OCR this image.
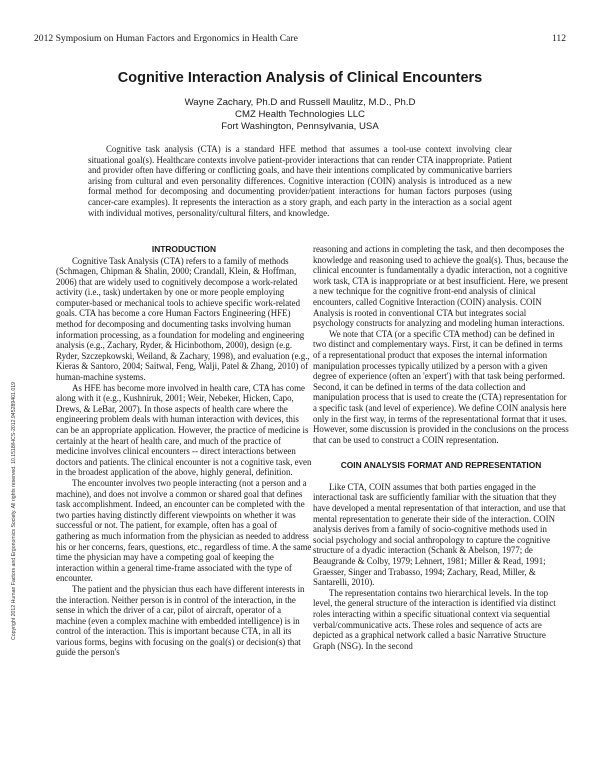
2012 Symposium on Human Factors and Ergonomics in Health Care	112
Cognitive Interaction Analysis of Clinical Encounters
Wayne Zachary, Ph.D and Russell Maulitz, M.D., Ph.D
CMZ Health Technologies LLC
Fort Washington, Pennsylvania, USA

Cognitive task analysis (CTA) is a standard HFE method that assumes a tool-use context involving clear situational goal(s). Healthcare contexts involve patient-provider interactions that can render CTA inappropriate. Patient and provider often have differing or conflicting goals, and have their intentions complicated by communicative barriers arising from cultural and even personality differences. Cognitive interaction (COIN) analysis is introduced as a new formal method for decomposing and documenting provider/patient interactions for human factors purposes (using cancer-care examples). It represents the interaction as a story graph, and each party in the interaction as a social agent with individual motives, personality/cultural filters, and knowledge.

INTRODUCTION

Cognitive Task Analysis (CTA) refers to a family of methods (Schmagen, Chipman & Shalin, 2000; Crandall, Klein, & Hoffman, 2006) that are widely used to cognitively decompose a work-related activity (i.e., task) undertaken by one or more people employing computer-based or mechanical tools to achieve specific work-related goals. CTA has become a core Human Factors Engineering (HFE) method for decomposing and documenting tasks involving human information processing, as a foundation for modeling and engineering analysis (e.g., Zachary, Ryder, & Hicinbothom, 2000), design (e.g. Ryder, Szczepkowski, Weiland, & Zachary, 1998), and evaluation (e.g., Kieras & Santoro, 2004; Saitwal, Feng, Walji, Patel & Zhang, 2010) of human-machine systems.

As HFE has become more involved in health care, CTA has come along with it (e.g., Kushniruk, 2001; Weir, Nebeker, Hicken, Capo, Drews, & LeBar, 2007). In those aspects of health care where the engineering problem deals with human interaction with devices, this can be an appropriate application. However, the practice of medicine is certainly at the heart of health care, and much of the practice of medicine involves clinical encounters -- direct interactions between doctors and patients. The clinical encounter is not a cognitive task, even in the broadest application of the above, highly general, definition.

The encounter involves two people interacting (not a person and a machine), and does not involve a common or shared goal that defines task accomplishment. Indeed, an encounter can be completed with the two parties having distinctly different viewpoints on whether it was successful or not. The patient, for example, often has a goal of gathering as much information from the physician as needed to address his or her concerns, fears, questions, etc., regardless of time. A the same time the physician may have a competing goal of keeping the interaction within a general time-frame associated with the type of encounter.

The patient and the physician thus each have different interests in the interaction. Neither person is in control of the interaction, in the sense in which the driver of a car, pilot of aircraft, operator of a machine (even a complex machine with embedded intelligence) is in control of the interaction. This is important because CTA, in all its various forms, begins with focusing on the goal(s) or decision(s) that guide the person's

reasoning and actions in completing the task, and then decomposes the knowledge and reasoning used to achieve the goal(s). Thus, because the clinical encounter is fundamentally a dyadic interaction, not a cognitive work task, CTA is inappropriate or at best insufficient. Here, we present a new technique for the cognitive front-end analysis of clinical encounters, called Cognitive Interaction (COIN) analysis. COIN Analysis is rooted in conventional CTA but integrates social psychology constructs for analyzing and modeling human interactions.

We note that CTA (or a specific CTA method) can be defined in two distinct and complementary ways. First, it can be defined in terms of a representational product that exposes the internal information manipulation processes typically utilized by a person with a given degree of experience (often an 'expert') with that task being performed. Second, it can be defined in terms of the data collection and manipulation process that is used to create the (CTA) representation for a specific task (and level of experience). We define COIN analysis here only in the first way, in terms of the representational format that it uses. However, some discussion is provided in the conclusions on the process that can be used to construct a COIN representation.

COIN ANALYSIS FORMAT AND REPRESENTATION

Like CTA, COIN assumes that both parties engaged in the interactional task are sufficiently familiar with the situation that they have developed a mental representation of that interaction, and use that mental representation to generate their side of the interaction. COIN analysis derives from a family of socio-cognitive methods used in social psychology and social anthropology to capture the cognitive structure of a dyadic interaction (Schank & Abelson, 1977; de Beaugrande & Colby, 1979; Lehnert, 1981; Miller & Read, 1991; Graesser, Singer and Trabasso, 1994; Zachary, Read, Miller, & Santarelli, 2010).

The representation contains two hierarchical levels. In the top level, the general structure of the interaction is identified via distinct roles interacting within a specific situational context via sequential verbal/communicative acts. These roles and sequence of acts are depicted as a graphical network called a basic Narrative Structure Graph (NSG). In the second

Copyright 2012 Human Factors and Ergonomics Society. All rights reserved. 10.1518/HCS-2012.945289401.019
